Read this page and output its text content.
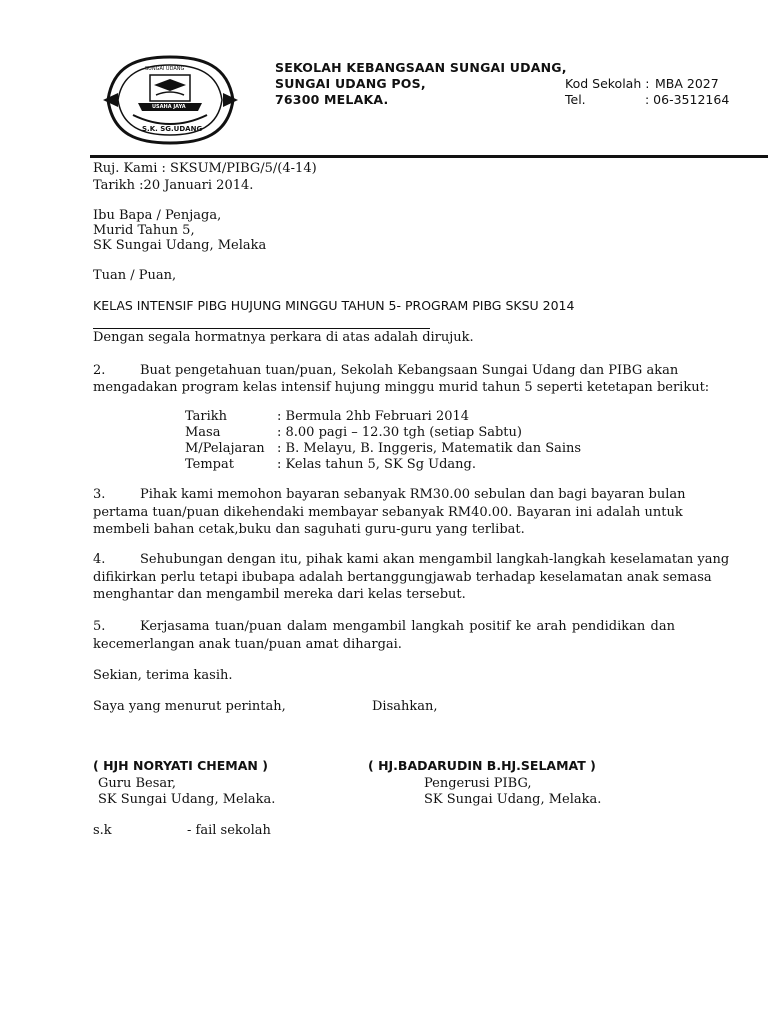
SUNGAI UDANG
USAHA JAYA
S.K. SG.UDANG
SEKOLAH KEBANGSAAN SUNGAI UDANG,
SUNGAI UDANG POS,
76300 MELAKA.
Kod Sekolah : MBA 2027
Tel.	: 06-3512164
Ruj. Kami : SKSUM/PIBG/5/(4-14)
Tarikh :20 Januari 2014.
Ibu Bapa / Penjaga,
Murid Tahun 5,
SK Sungai Udang, Melaka
Tuan / Puan,
KELAS INTENSIF PIBG HUJUNG MINGGU TAHUN 5- PROGRAM PIBG SKSU 2014
Dengan segala hormatnya perkara di atas adalah dirujuk.
2.	Buat pengetahuan tuan/puan, Sekolah Kebangsaan Sungai Udang dan PIBG akan
mengadakan program kelas intensif hujung minggu murid tahun 5 seperti ketetapan berikut:
Tarikh	: Bermula 2hb Februari 2014
Masa	: 8.00 pagi – 12.30 tgh (setiap Sabtu)
M/Pelajaran : B. Melayu, B. Inggeris, Matematik dan Sains
Tempat	: Kelas tahun 5, SK Sg Udang.
3.	Pihak kami memohon bayaran sebanyak RM30.00 sebulan dan bagi bayaran bulan
pertama tuan/puan dikehendaki membayar sebanyak RM40.00. Bayaran ini adalah untuk
membeli bahan cetak,buku dan saguhati guru-guru yang terlibat.
4.	Sehubungan dengan itu, pihak kami akan mengambil langkah-langkah keselamatan yang
difikirkan perlu tetapi ibubapa adalah bertanggungjawab terhadap keselamatan anak semasa
menghantar dan mengambil mereka dari kelas tersebut.
5.	Kerjasama tuan/puan dalam mengambil langkah positif ke arah pendidikan dan
kecemerlangan anak tuan/puan amat dihargai.
Sekian, terima kasih.
Saya yang menurut perintah,	Disahkan,
( HJH NORYATI CHEMAN )
Guru Besar,
SK Sungai Udang, Melaka.
( HJ.BADARUDIN B.HJ.SELAMAT )
Pengerusi PIBG,
SK Sungai Udang, Melaka.
s.k	- fail sekolah
